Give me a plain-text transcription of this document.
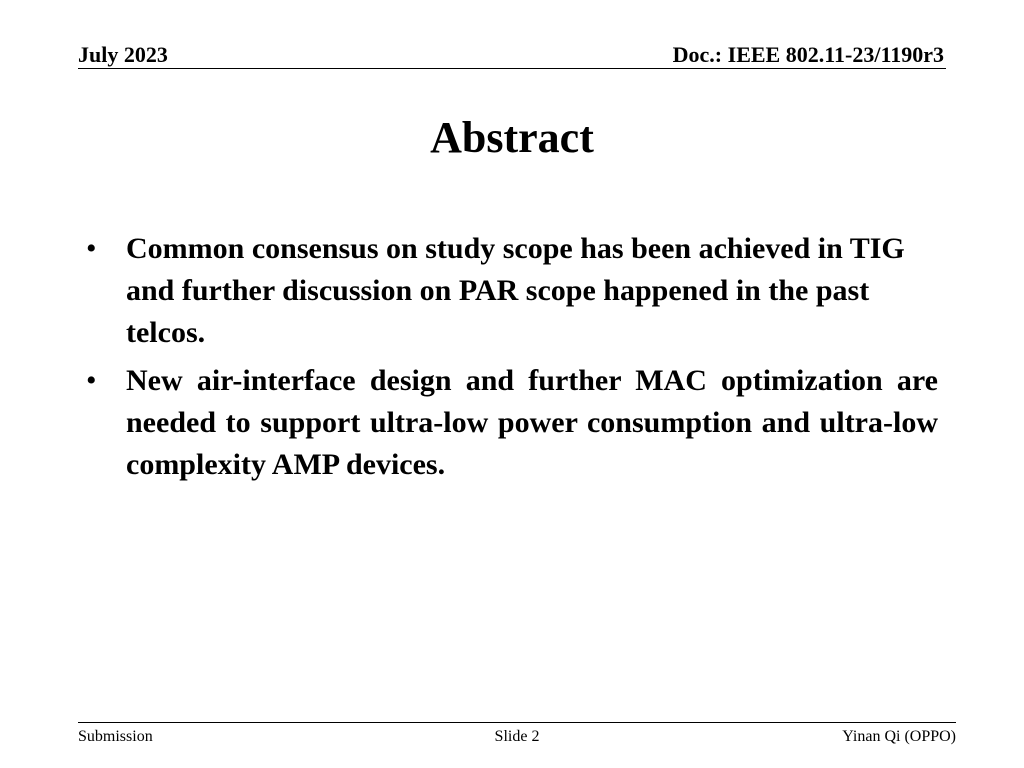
July 2023	Doc.: IEEE 802.11-23/1190r3
Abstract
• Common consensus on study scope has been achieved in TIG and further discussion on PAR scope happened in the past telcos.
• New air-interface design and further MAC optimization are needed to support ultra-low power consumption and ultra-low complexity AMP devices.
Submission	Slide 2	Yinan Qi (OPPO)
